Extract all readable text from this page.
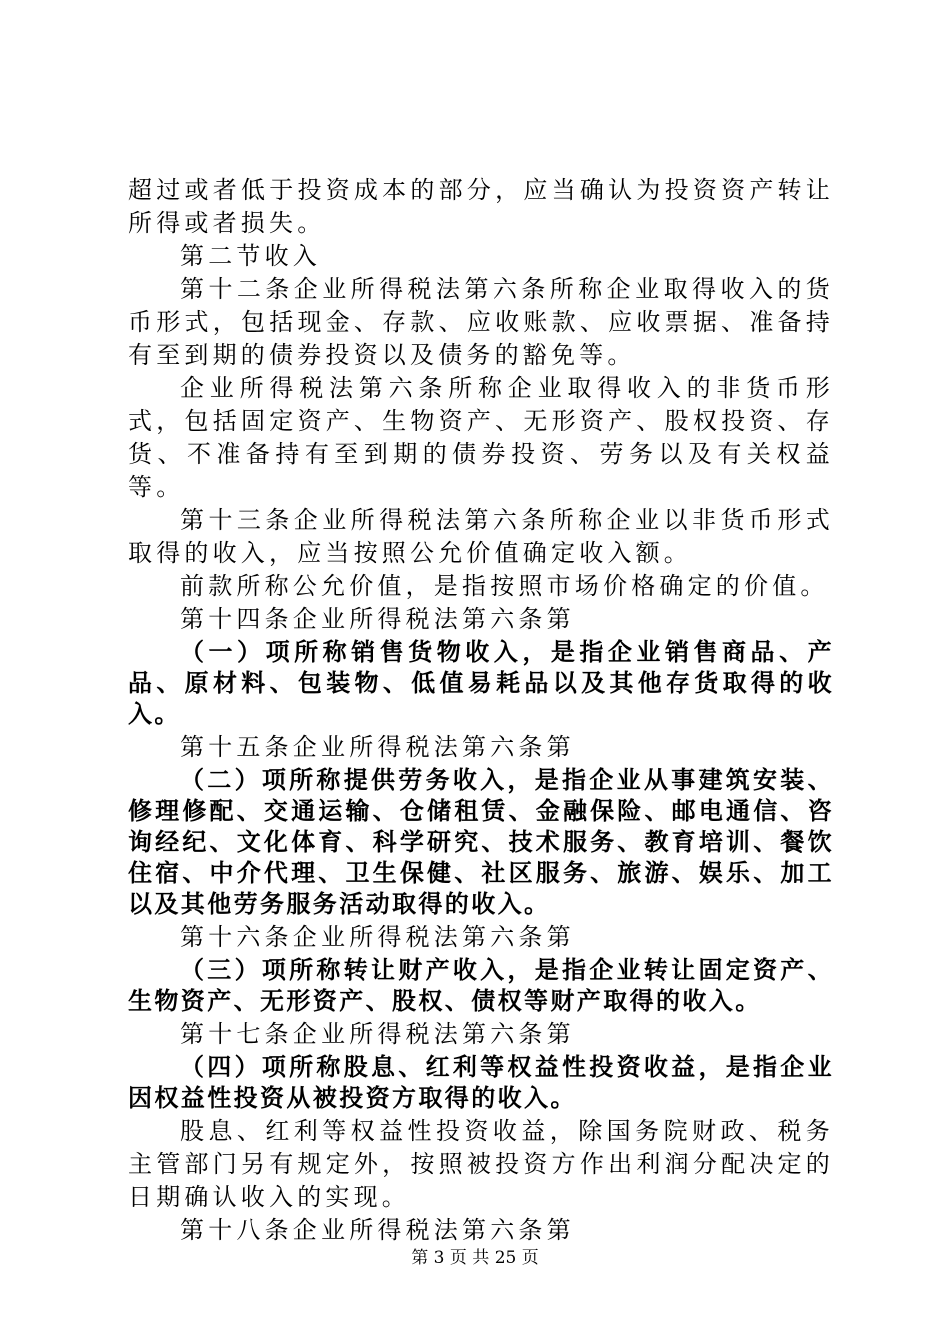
超过或者低于投资成本的部分，应当确认为投资资产转让所得或者损失。

第二节收入

第十二条企业所得税法第六条所称企业取得收入的货币形式，包括现金、存款、应收账款、应收票据、准备持有至到期的债券投资以及债务的豁免等。

企业所得税法第六条所称企业取得收入的非货币形式，包括固定资产、生物资产、无形资产、股权投资、存货、不准备持有至到期的债券投资、劳务以及有关权益等。

第十三条企业所得税法第六条所称企业以非货币形式取得的收入，应当按照公允价值确定收入额。

前款所称公允价值，是指按照市场价格确定的价值。

第十四条企业所得税法第六条第

（一）项所称销售货物收入，是指企业销售商品、产品、原材料、包装物、低值易耗品以及其他存货取得的收入。

第十五条企业所得税法第六条第

（二）项所称提供劳务收入，是指企业从事建筑安装、修理修配、交通运输、仓储租赁、金融保险、邮电通信、咨询经纪、文化体育、科学研究、技术服务、教育培训、餐饮住宿、中介代理、卫生保健、社区服务、旅游、娱乐、加工以及其他劳务服务活动取得的收入。

第十六条企业所得税法第六条第

（三）项所称转让财产收入，是指企业转让固定资产、生物资产、无形资产、股权、债权等财产取得的收入。

第十七条企业所得税法第六条第

（四）项所称股息、红利等权益性投资收益，是指企业因权益性投资从被投资方取得的收入。

股息、红利等权益性投资收益，除国务院财政、税务主管部门另有规定外，按照被投资方作出利润分配决定的日期确认收入的实现。

第十八条企业所得税法第六条第

第 3 页 共 25 页
